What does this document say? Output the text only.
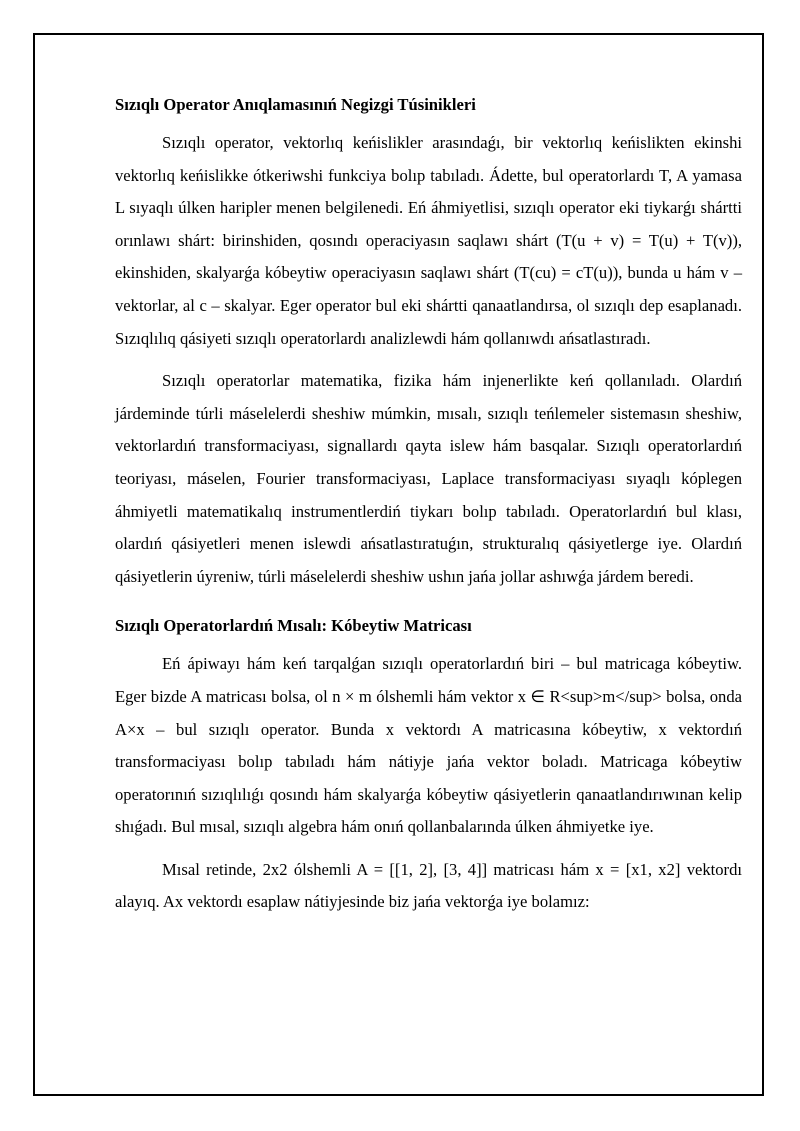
Sızıqlı Operator Anıqlamasınıń Negizgi Túsinikleri

Sızıqlı operator, vektorlıq keńislikler arasındaǵı, bir vektorlıq keńislikten ekinshi vektorlıq keńislikke ótkeriwshi funkciya bolıp tabıladı. Ádette, bul operatorlardı T, A yamasa L sıyaqlı úlken haripler menen belgilenedi. Eń áhmiyetlisi, sızıqlı operator eki tiykarǵı shártti orınlawı shárt: birinshiden, qosındı operaciyasın saqlawı shárt (T(u + v) = T(u) + T(v)), ekinshiden, skalyarǵa kóbeytiw operaciyasın saqlawı shárt (T(cu) = cT(u)), bunda u hám v – vektorlar, al c – skalyar. Eger operator bul eki shártti qanaatlandırsa, ol sızıqlı dep esaplanadı. Sızıqlılıq qásiyeti sızıqlı operatorlardı analizlewdi hám qollanıwdı ańsatlastıradı.

Sızıqlı operatorlar matematika, fizika hám injenerlikte keń qollanıladı. Olardıń járdeminde túrli máselelerdi sheshiw múmkin, mısalı, sızıqlı teńlemeler sistemasın sheshiw, vektorlardıń transformaciyası, signallardı qayta islew hám basqalar. Sızıqlı operatorlardıń teoriyası, máselen, Fourier transformaciyası, Laplace transformaciyası sıyaqlı kóplegen áhmiyetli matematikalıq instrumentlerdiń tiykarı bolıp tabıladı. Operatorlardıń bul klası, olardıń qásiyetleri menen islewdi ańsatlastıratuǵın, strukturalıq qásiyetlerge iye. Olardıń qásiyetlerin úyreniw, túrli máselelerdi sheshiw ushın jańa jollar ashıwǵa járdem beredi.

Sızıqlı Operatorlardıń Mısalı: Kóbeytiw Matricası

Eń ápiwayı hám keń tarqalǵan sızıqlı operatorlardıń biri – bul matricaga kóbeytiw. Eger bizde A matricası bolsa, ol n × m ólshemli hám vektor x ∈ R<sup>m</sup> bolsa, onda A×x – bul sızıqlı operator. Bunda x vektordı A matricasına kóbeytiw, x vektordıń transformaciyası bolıp tabıladı hám nátiyje jańa vektor boladı. Matricaga kóbeytiw operatorınıń sızıqlılıǵı qosındı hám skalyarǵa kóbeytiw qásiyetlerin qanaatlandırıwınan kelip shıǵadı. Bul mısal, sızıqlı algebra hám onıń qollanbalarında úlken áhmiyetke iye.

Mısal retinde, 2x2 ólshemli A = [[1, 2], [3, 4]] matricası hám x = [x1, x2] vektordı alayıq. Ax vektordı esaplaw nátiyjesinde biz jańa vektorǵa iye bolamız:
